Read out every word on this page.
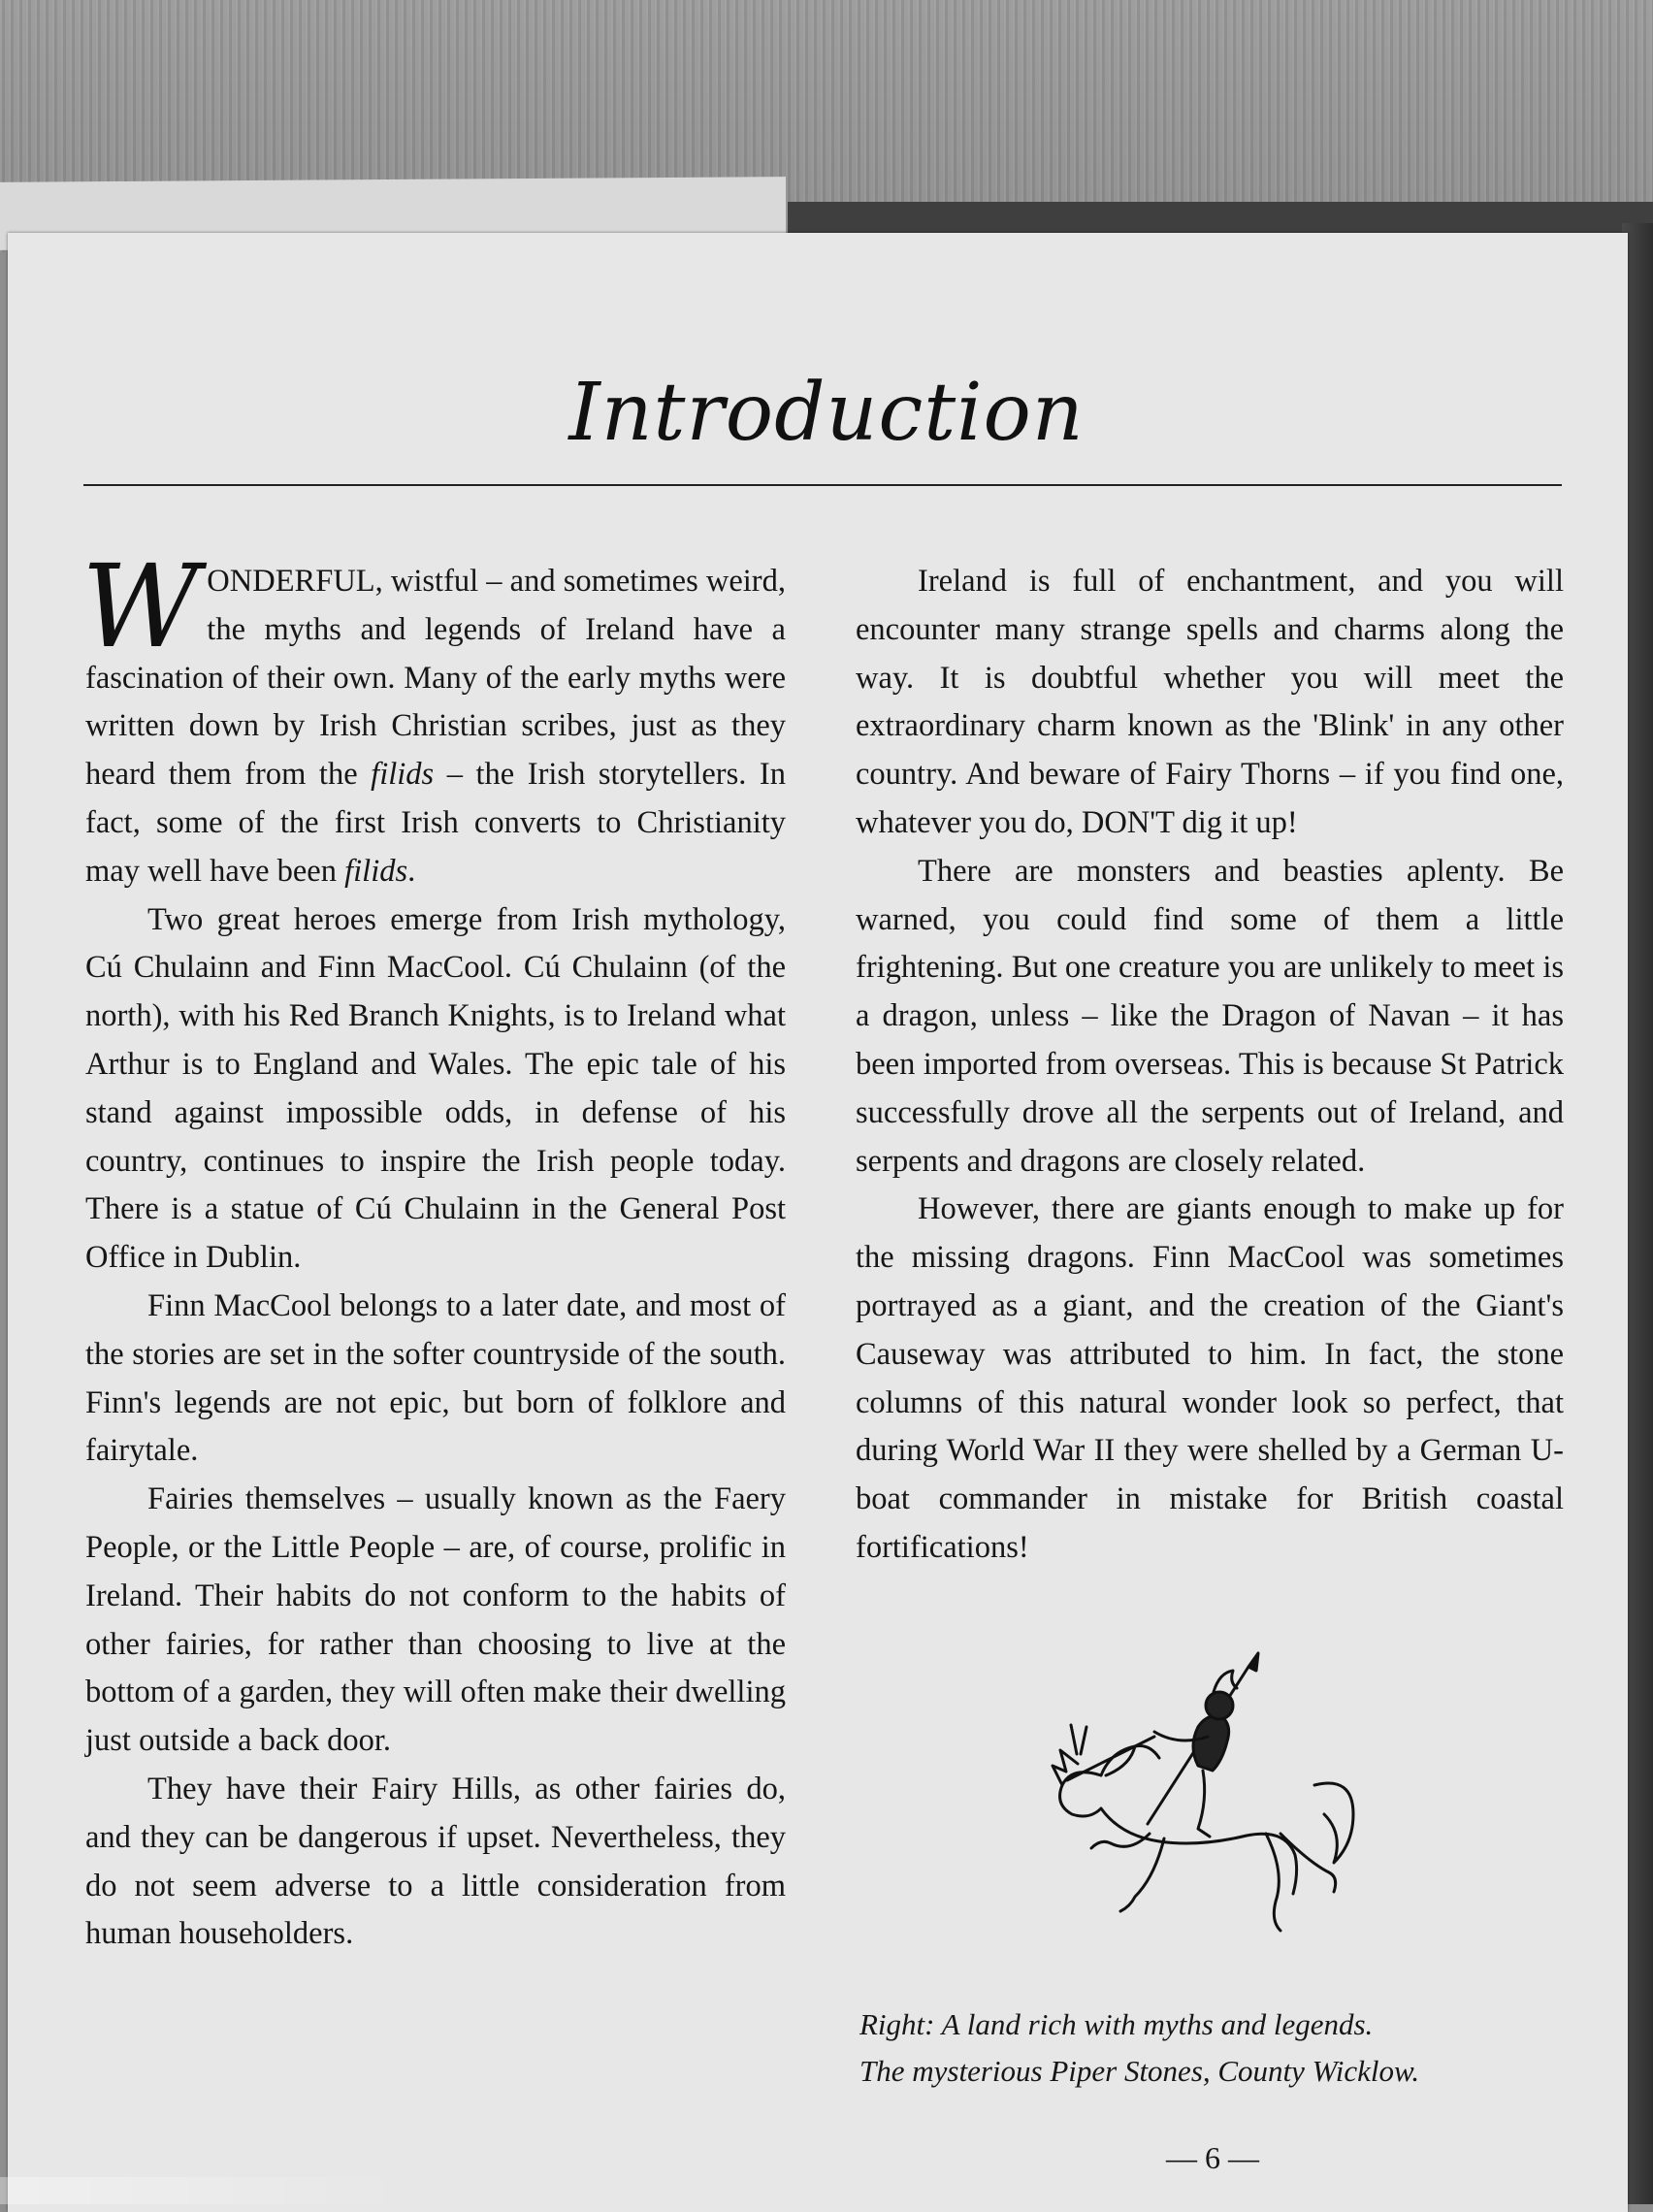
Introduction

WONDERFUL, wistful – and sometimes weird, the myths and legends of Ireland have a fascination of their own. Many of the early myths were written down by Irish Christian scribes, just as they heard them from the filids – the Irish storytellers. In fact, some of the first Irish converts to Christianity may well have been filids.

Two great heroes emerge from Irish mythology, Cú Chulainn and Finn MacCool. Cú Chulainn (of the north), with his Red Branch Knights, is to Ireland what Arthur is to England and Wales. The epic tale of his stand against impossible odds, in defense of his country, continues to inspire the Irish people today. There is a statue of Cú Chulainn in the General Post Office in Dublin.

Finn MacCool belongs to a later date, and most of the stories are set in the softer countryside of the south. Finn's legends are not epic, but born of folklore and fairytale.

Fairies themselves – usually known as the Faery People, or the Little People – are, of course, prolific in Ireland. Their habits do not conform to the habits of other fairies, for rather than choosing to live at the bottom of a garden, they will often make their dwelling just outside a back door.

They have their Fairy Hills, as other fairies do, and they can be dangerous if upset. Nevertheless, they do not seem adverse to a little consideration from human householders.

Ireland is full of enchantment, and you will encounter many strange spells and charms along the way. It is doubtful whether you will meet the extraordinary charm known as the 'Blink' in any other country. And beware of Fairy Thorns – if you find one, whatever you do, DON'T dig it up!

There are monsters and beasties aplenty. Be warned, you could find some of them a little frightening. But one creature you are unlikely to meet is a dragon, unless – like the Dragon of Navan – it has been imported from overseas. This is because St Patrick successfully drove all the serpents out of Ireland, and serpents and dragons are closely related.

However, there are giants enough to make up for the missing dragons. Finn MacCool was sometimes portrayed as a giant, and the creation of the Giant's Causeway was attributed to him. In fact, the stone columns of this natural wonder look so perfect, that during World War II they were shelled by a German U-boat commander in mistake for British coastal fortifications!

Right: A land rich with myths and legends.
The mysterious Piper Stones, County Wicklow.
— 6 —
